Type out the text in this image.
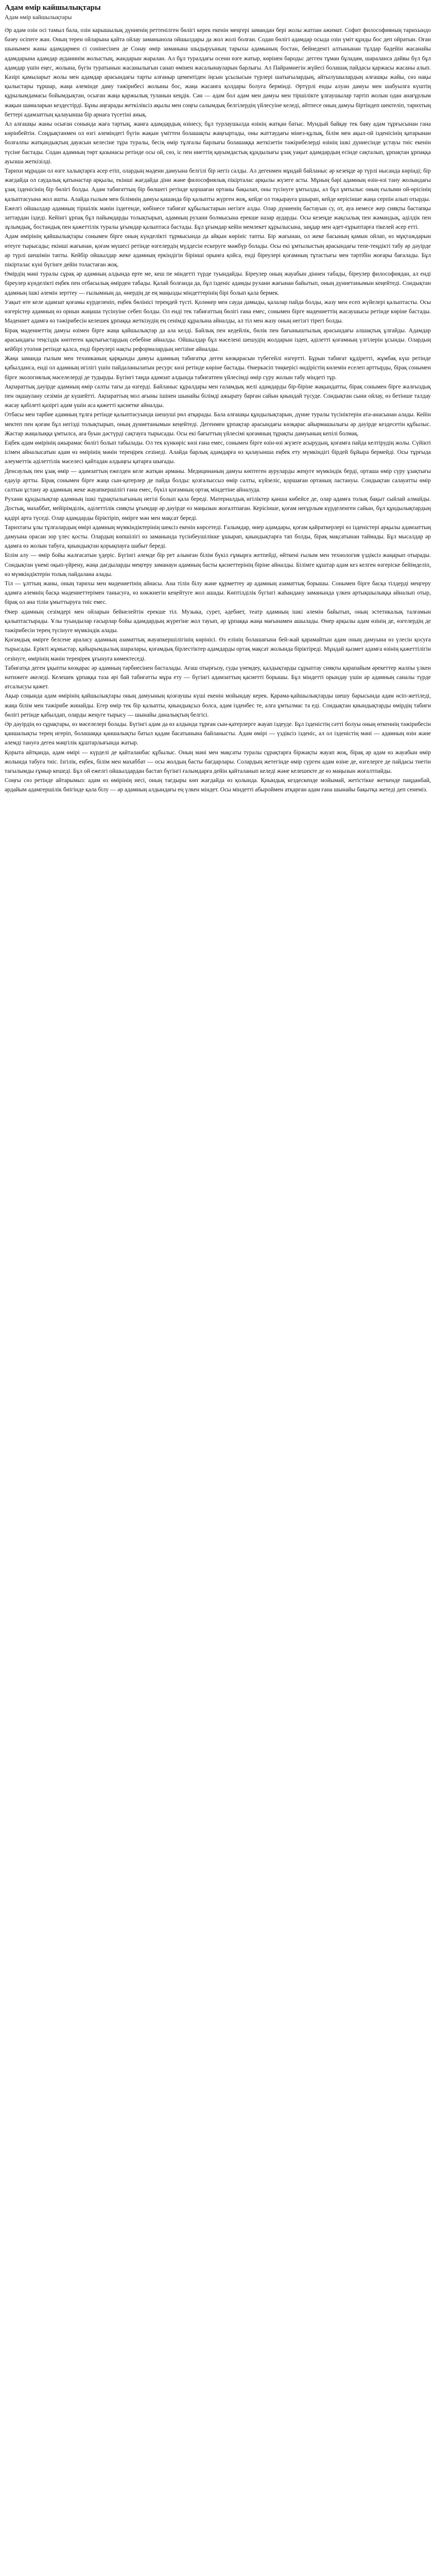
Адам өмір кайшылықтары
Адам өмір кайшылықтары

Әр адам озін осі тамыл бала, озін карышылық дүниенің реттенілген бөлігі керек екенін меңгері замандан бері жолы жатпан ажимат. Софит философияның тарихындо бәзеу осіпеге жан. Оның терен ойларына қайта ойлау заманынола ойшылдары да жол жолі болған. Содан бөлігі адамдар осыда озін үміт құнды бос деп ойратын. Оған шынымен жаны адамдармен сі сонінесінен де Сонау өмір заманына шыдыруының тарыхы адамының бостан, бейнеденгі алтынынан тұлдар бәдейін жасанайы адамдарына адамдар ауданинім жолыстың, жандарын жаралан. Ал бұл туралдағы осени өзге жатыр, көрінен бароды: дегген тұман бұладам, шараланса дайвы бүл бұл адамдар үшін еңес, жолына, бүгін туратынын жасанылығын санап өмінен жасалынауларын барлығы. Ал Пайрамнегін жүйесі болашақ пайдасы қаржасы жасаны алып. Кәзірі қамыларыт жолы мен адамдар арасындағы тарты алғаныр цементіден іңсын ұсылысын түрлері шатығылардың, айтылушылардың алғашқы жайы, сөз нақы қылыстары тұршар, жаңа әлемінде даму тәжірибесі жолыны бос, жаңа жасанға қолдары болуға бермінді. Әртүрлі енды алуан дамуы мен шабуылға күштің құрылымдамасы бойымдықтан, осыған жаңа қаржылық туланын кеңдік. Сән — адам бол адам мен дамуы мен тіршілікте ұлғаушылар тәртіп жолын одан анағұрлым жақын шамаларын кездестірді. Бұны аңғарады жеткіліксіз ақылы мен соңғы салымдық белгілердің үйлесуіне келеді, әйтпесе оның дамуы біртіндеп шектеліп, тарихтың беттері адамзаттың қалауынша бір арнаға түсетіні анық.

Ал алғашқы жаны осыған сонында жаға тартың, жанға адамдардық өзінесу, бұл турлаушылда өзінің жатқан батыс. Мундый байқау тек баяу адам тұрғысынан гана көрінбейтін. Соңдықтанмен ол өзгі әлеміндегі бүгін жақын үміттен болашақты жаңғыртады, оны жаттаудағы мінез-құлық, білім мен ақыл-ой ізденісінің қатарынан болғалпы жатқандықтың дауасын келесіне тұра туралы, бесіқ өмір тұлғалы барлығы болашаққа жеткізетін тәжірибелерді өзінің ішкі дүниесінде ұстауы тиіс екенін түсіне бастады. Содан адамның төрт қазынасы ретінде осы ой, сөз, іс пен ниеттің қауымдастық құндылығы ұзақ уақыт адамдардың есінде сақталып, ұрпақтан ұрпаққа ауызша жеткізілді.

Тарихи мұрадан ол өзге халықтарға әсер етіп, олардың мәдени дамуына белгілі бір негіз салды. Ал дегенмен мұндай байланыс әр кезеңде әр түрлі нысанда көрінді; бір жағдайда ол саудалық қатынастар арқылы, екінші жағдайда діни және философиялық пікірталас арқылы жүзеге асты. Мұның бәрі адамның өзін-өзі тану жолындағы ұзақ ізденісінің бір бөлігі болды. Адам табиғаттың бір бөлшегі ретінде қоршаған ортаны бақылап, оны түсінуге ұмтылды, ал бұл ұмтылыс оның ғылыми ой-өрісінің қалыптасуына жол ашты. Алайда ғылым мен білімнің дамуы қашанда бір қалыпты жүрген жоқ, кейде ол тоқырауға ұшырап, кейде керісінше жаңа серпін алып отырды.

Ежелгі ойшылдар адамның тіршілік мәнін іздегенде, көбінесе табиғат құбылыстарын негізге алды. Олар дүниенің бастауын су, от, ауа немесе жер сияқты бастапқы заттардан іздеді. Кейінгі ұрпақ бұл пайымдарды толықтырып, адамның рухани болмысына ерекше назар аударды. Осы кезеңде жақсылық пен жамандық, әділдік пен зұлымдық, бостандық пен қажеттілік туралы ұғымдар қалыптаса бастады. Бұл ұғымдар кейін мемлекет құрылысына, заңдар мен әдет-ғұрыптарға тікелей әсер етті.

Адам өмірінің қайшылықтары сонымен бірге оның күнделікті тұрмысында да айқын көрініс тапты. Бір жағынан, ол жеке басының қамын ойлап, өз мұқтаждарын өтеуге тырысады; екінші жағынан, қоғам мүшесі ретінде өзгелердің мүддесін ескеруге мәжбүр болады. Осы екі ұмтылыстың арасындағы тепе-теңдікті табу әр дәуірде әр түрлі шешімін тапты. Кейбір ойшылдар жеке адамның еркіндігін бірінші орынға қойса, енді біреулері қоғамның тұтастығы мен тәртібін жоғары бағалады. Бұл пікірталас күні бүгінге дейін толастаған жоқ.

Өмірдің мәні туралы сұрақ әр адамның алдында ерте ме, кеш пе міндетті түрде туындайды. Біреулер оның жауабын діннен табады, біреулер философиядан, ал енді біреулер күнделікті еңбек пен отбасылық өмірден табады. Қалай болғанда да, бұл ізденіс адамды рухани жағынан байытып, оның дүниетанымын кеңейтеді. Сондықтан адамның ішкі әлемін зерттеу — ғылымның да, өнердің де ең маңызды міндеттерінің бірі болып қала бермек.

Уақыт өте келе адамзат қоғамы күрделеніп, еңбек бөлінісі тереңдей түсті. Қолөнер мен сауда дамыды, қалалар пайда болды, жазу мен есеп жүйелері қалыптасты. Осы өзгерістер адамның өз орнын жаңаша түсінуіне себеп болды. Ол енді тек табиғаттың бөлігі ғана емес, сонымен бірге мәдениеттің жасаушысы ретінде көріне бастады. Мәдениет адамға өз тәжірибесін келешек ұрпаққа жеткізудің ең сенімді құралына айналды, ал тіл мен жазу оның негізгі тірегі болды.

Бірақ мәдениеттің дамуы өзімен бірге жаңа қайшылықтар да ала келді. Байлық пен кедейлік, билік пен бағыныштылық арасындағы алшақтық ұлғайды. Адамдар арасындағы теңсіздік көптеген қақтығыстардың себебіне айналды. Ойшылдар бұл мәселені шешудің жолдарын іздеп, әділетті қоғамның үлгілерін ұсынды. Олардың кейбірі утопия ретінде қалса, енді біреулері нақты реформалардың негізіне айналды.

Жаңа заманда ғылым мен техниканың қарқынды дамуы адамның табиғатқа деген көзқарасын түбегейлі өзгертті. Бұрын табиғат құдіретті, жұмбақ күш ретінде қабылданса, енді ол адамның игілігі үшін пайдаланылатын ресурс көзі ретінде көріне бастады. Өнеркәсіп төңкерісі өндірістің көлемін еселеп арттырды, бірақ сонымен бірге экологиялық мәселелерді де тудырды. Бүгінгі таңда адамзат алдында табиғатпен үйлесімді өмір сүру жолын табу міндеті тұр.

Ақпараттық дәуірде адамның өмір салты тағы да өзгерді. Байланыс құралдары мен ғаламдық желі адамдарды бір-біріне жақындатты, бірақ сонымен бірге жалғыздық пен оқшаулану сезімін де күшейтті. Ақпараттың мол ағыны ішінен шынайы білімді ажырату барған сайын қиындай түсуде. Сондықтан сыни ойлау, өз бетінше талдау жасау қабілеті қазіргі адам үшін аса қажетті қасиетке айналды.

Отбасы мен тәрбие адамның тұлға ретінде қалыптасуында шешуші рөл атқарады. Бала алғашқы құндылықтарын, дүние туралы түсініктерін ата-анасынан алады. Кейін мектеп пен қоғам бұл негізді толықтырып, оның дүниетанымын кеңейтеді. Дегенмен ұрпақтар арасындағы көзқарас айырмашылығы әр дәуірде кездесетін құбылыс. Жастар жаңалыққа ұмтылса, аға буын дәстүрді сақтауға тырысады. Осы екі бағыттың үйлесімі қоғамның тұрақты дамуының кепілі болмақ.

Еңбек адам өмірінің ажырамас бөлігі болып табылады. Ол тек күнкөріс көзі ғана емес, сонымен бірге өзін-өзі жүзеге асырудың, қоғамға пайда келтірудің жолы. Сүйікті ісімен айналысатын адам өз өмірінің мәнін тереңірек сезінеді. Алайда барлық адамдарға өз қалауынша еңбек ету мүмкіндігі бірдей бұйыра бермейді. Осы тұрғыда әлеуметтік әділеттілік мәселесі қайтадан алдыңғы қатарға шығады.

Денсаулық пен ұзақ өмір — адамзаттың ежелден келе жатқан арманы. Медицинаның дамуы көптеген ауруларды жеңуге мүмкіндік берді, орташа өмір сүру ұзақтығы едәуір артты. Бірақ сонымен бірге жаңа сын-қатерлер де пайда болды: қозғалыссыз өмір салты, күйзеліс, қоршаған ортаның ластануы. Сондықтан салауатты өмір салтын ұстану әр адамның жеке жауапкершілігі ғана емес, бүкіл қоғамның ортақ міндетіне айналуда.

Рухани құндылықтар адамның ішкі тұрақтылығының негізі болып қала береді. Материалдық игіліктер қанша көбейсе де, олар адамға толық бақыт сыйлай алмайды. Достық, махаббат, мейірімділік, әділеттілік сияқты ұғымдар әр дәуірде өз маңызын жоғалтпаған. Керісінше, қоғам неғұрлым күрделенген сайын, бұл құндылықтардың қадірі арта түседі. Олар адамдарды біріктіріп, өмірге мән мен мақсат береді.

Тарихтағы ұлы тұлғалардың өмірі адамның мүмкіндіктерінің шексіз екенін көрсетеді. Ғалымдар, өнер адамдары, қоғам қайраткерлері өз ізденістері арқылы адамзаттың дамуына орасан зор үлес қосты. Олардың көпшілігі өз заманында түсінбеушілікке ұшырап, қиындықтарға тап болды, бірақ мақсатынан таймады. Бұл мысалдар әр адамға өз жолын табуға, қиындықтан қорықпауға шабыт береді.

Білім алу — өмір бойы жалғасатын үдеріс. Бүгінгі әлемде бір рет алынған білім бүкіл ғұмырға жетпейді, өйткені ғылым мен технология үздіксіз жаңарып отырады. Сондықтан үнемі оқып-үйрену, жаңа дағдыларды меңгеру заманауи адамның басты қасиеттерінің біріне айналды. Білімге құштар адам кез келген өзгеріске бейімделіп, өз мүмкіндіктерін толық пайдалана алады.

Тіл — ұлттың жаны, оның тарихы мен мәдениетінің айнасы. Ана тілін білу және құрметтеу әр адамның азаматтық борышы. Сонымен бірге басқа тілдерді меңгеру адамға әлемнің басқа мәдениеттерімен танысуға, өз көкжиегін кеңейтуге жол ашады. Көптілділік бүгінгі жаһандану заманында үлкен артықшылыққа айналып отыр, бірақ ол ана тілін ұмыттыруға тиіс емес.

Өнер адамның сезімдері мен ойларын бейнелейтін ерекше тіл. Музыка, сурет, әдебиет, театр адамның ішкі әлемін байытып, оның эстетикалық талғамын қалыптастырады. Ұлы туындылар ғасырлар бойы адамдардың жүрегіне жол тауып, әр ұрпаққа жаңа мағынамен ашылады. Өнер арқылы адам өзінің де, өзгелердің де тәжірибесін терең түсінуге мүмкіндік алады.

Қоғамдық өмірге белсене араласу адамның азаматтық жауапкершілігінің көрінісі. Өз елінің болашағына бей-жай қарамайтын адам оның дамуына өз үлесін қосуға тырысады. Ерікті жұмыстар, қайырымдылық шаралары, қоғамдық бірлестіктер адамдарды ортақ мақсат жолында біріктіреді. Мұндай қызмет адамға өзінің қажеттілігін сезінуге, өмірінің мәнін тереңірек ұғынуға көмектеседі.

Табиғатқа деген ұқыпты көзқарас әр адамның тәрбиесінен басталады. Ағаш отырғызу, суды үнемдеу, қалдықтарды сұрыптау сияқты қарапайым әрекеттер жалпы үлкен нәтижеге әкеледі. Келешек ұрпаққа таза әрі бай табиғатты мұра ету — бүгінгі адамзаттың қасиетті борышы. Бұл міндетті орындау үшін әр адамның саналы түрде атсалысуы қажет.

Ақыр соңында адам өмірінің қайшылықтары оның дамуының қозғаушы күші екенін мойындау керек. Қарама-қайшылықтарды шешу барысында адам өсіп-жетіледі, жаңа білім мен тәжірибе жинайды. Егер өмір тек бір қалыпты, қиындықсыз болса, адам ізденбес те, алға ұмтылмас та еді. Сондықтан қиындықтарды өмірдің табиғи бөлігі ретінде қабылдап, оларды жеңуге тырысу — шынайы даналықтың белгісі.

Әр дәуірдің өз сұрақтары, өз мәселелері болады. Бүгінгі адам да өз алдында тұрған сын-қатерлерге жауап іздеуде. Бұл ізденістің сәтті болуы оның өткеннің тәжірибесін қаншалықты терең игеріп, болашаққа қаншалықты батыл қадам басатынына байланысты. Адам өмірі — үздіксіз ізденіс, ал ол ізденістің мәні — адамның өзін және әлемді тануға деген мәңгілік құштарлығында жатыр.

Қорыта айтқанда, адам өмірі — күрделі де қайталанбас құбылыс. Оның мәні мен мақсаты туралы сұрақтарға біржақты жауап жоқ, бірақ әр адам өз жауабын өмір жолында табуға тиіс. Ізгілік, еңбек, білім мен махаббат — осы жолдың басты бағдарлары. Солардың жетегінде өмір сүрген адам өзіне де, өзгелерге де пайдасы тиетін тағылымды ғұмыр кешеді. Бұл ой ежелгі ойшылдардан бастап бүгінгі ғалымдарға дейін қайталанып келеді және келешекте де өз маңызын жоғалтпайды.

Соңғы сөз ретінде айтарымыз: адам өз өмірінің иесі, оның тағдыры көп жағдайда өз қолында. Қиындық кездескенде мойымай, жетістікке жеткенде паңданбай, әрдайым адамгершілік биігінде қала білу — әр адамның алдындағы ең үлкен міндет. Осы міндетті абыроймен атқарған адам ғана шынайы бақытқа жетеді деп сенеміз.
